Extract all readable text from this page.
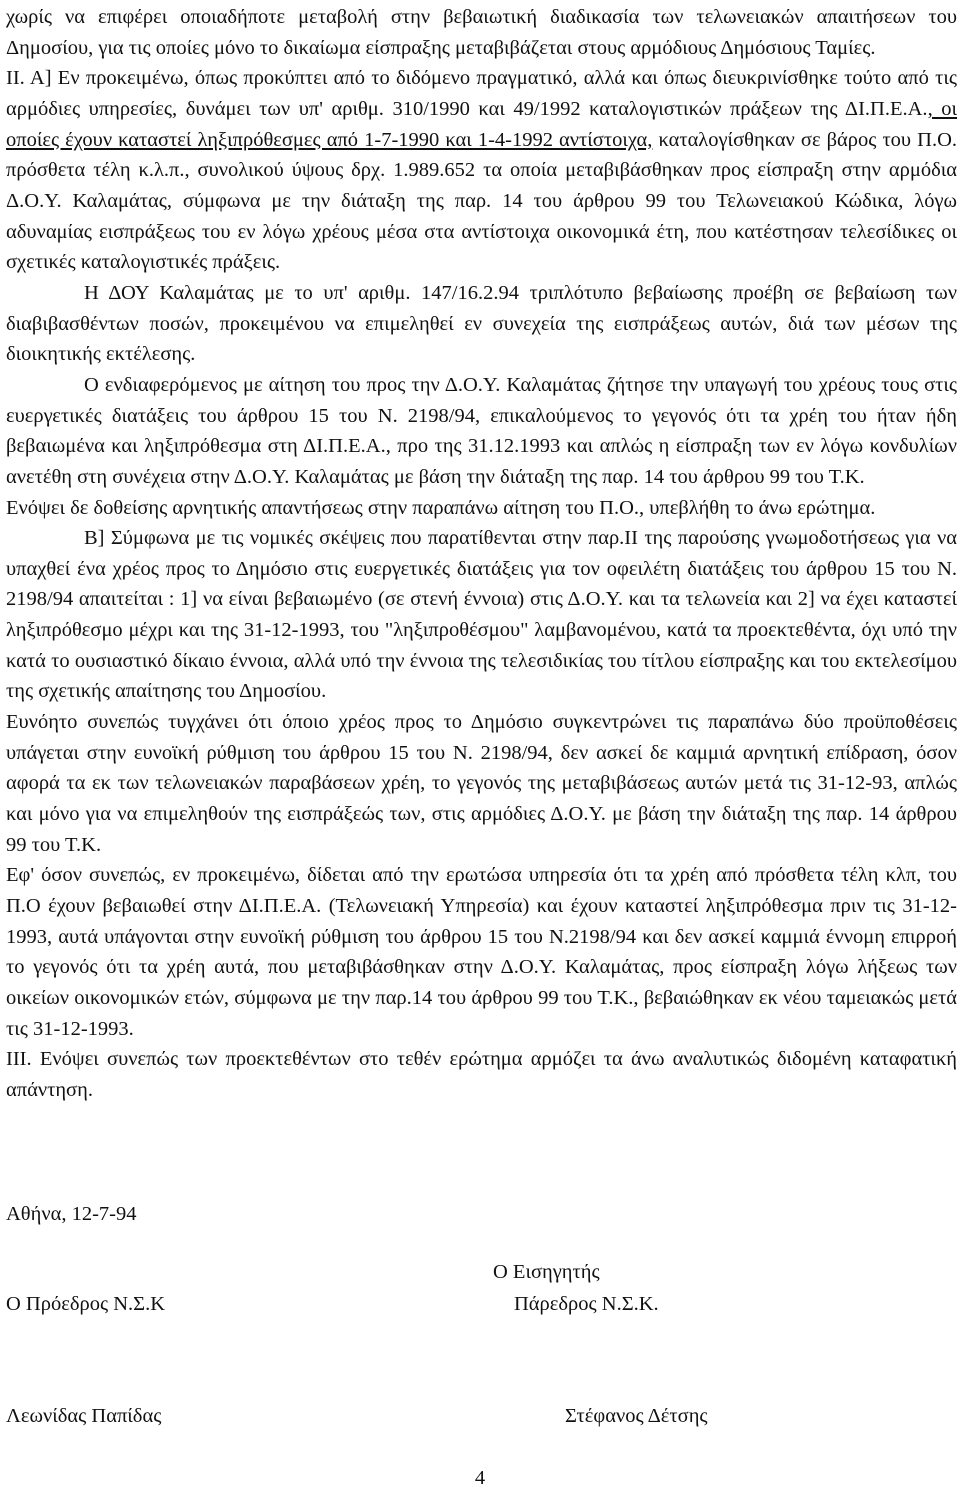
χωρίς να επιφέρει οποιαδήποτε μεταβολή στην βεβαιωτική διαδικασία των τελωνειακών απαιτήσεων του Δημοσίου, για τις οποίες μόνο το δικαίωμα είσπραξης μεταβιβάζεται στους αρμόδιους Δημόσιους Ταμίες.

ΙΙ. Α] Εν προκειμένω, όπως προκύπτει από το διδόμενο πραγματικό, αλλά και όπως διευκρινίσθηκε τούτο από τις αρμόδιες υπηρεσίες, δυνάμει των υπ' αριθμ. 310/1990 και 49/1992 καταλογιστικών πράξεων της ΔΙ.Π.Ε.Α., οι οποίες έχουν καταστεί ληξιπρόθεσμες από 1-7-1990 και 1-4-1992 αντίστοιχα, καταλογίσθηκαν σε βάρος του Π.Ο. πρόσθετα τέλη κ.λ.π., συνολικού ύψους δρχ. 1.989.652 τα οποία μεταβιβάσθηκαν προς είσπραξη στην αρμόδια Δ.Ο.Υ. Καλαμάτας, σύμφωνα με την διάταξη της παρ. 14 του άρθρου 99 του Τελωνειακού Κώδικα, λόγω αδυναμίας εισπράξεως του εν λόγω χρέους μέσα στα αντίστοιχα οικονομικά έτη, που κατέστησαν τελεσίδικες οι σχετικές καταλογιστικές πράξεις.

Η ΔΟΥ Καλαμάτας με το υπ' αριθμ. 147/16.2.94 τριπλότυπο βεβαίωσης προέβη σε βεβαίωση των διαβιβασθέντων ποσών, προκειμένου να επιμεληθεί εν συνεχεία της εισπράξεως αυτών, διά των μέσων της διοικητικής εκτέλεσης.

Ο ενδιαφερόμενος με αίτηση του προς την Δ.Ο.Υ. Καλαμάτας ζήτησε την υπαγωγή του χρέους τους στις ευεργετικές διατάξεις του άρθρου 15 του Ν. 2198/94, επικαλούμενος το γεγονός ότι τα χρέη του ήταν ήδη βεβαιωμένα και ληξιπρόθεσμα στη ΔΙ.Π.Ε.Α., προ της 31.12.1993 και απλώς η είσπραξη των εν λόγω κονδυλίων ανετέθη στη συνέχεια στην Δ.Ο.Υ. Καλαμάτας με βάση την διάταξη της παρ. 14 του άρθρου 99 του Τ.Κ.

Ενόψει δε δοθείσης αρνητικής απαντήσεως στην παραπάνω αίτηση του Π.Ο., υπεβλήθη το άνω ερώτημα.

Β] Σύμφωνα με τις νομικές σκέψεις που παρατίθενται στην παρ.ΙΙ της παρούσης γνωμοδοτήσεως για να υπαχθεί ένα χρέος προς το Δημόσιο στις ευεργετικές διατάξεις για τον οφειλέτη διατάξεις του άρθρου 15 του Ν. 2198/94 απαιτείται : 1] να είναι βεβαιωμένο (σε στενή έννοια) στις Δ.Ο.Υ. και τα τελωνεία και 2] να έχει καταστεί ληξιπρόθεσμο μέχρι και της 31-12-1993, του "ληξιπροθέσμου" λαμβανομένου, κατά τα προεκτεθέντα, όχι υπό την κατά το ουσιαστικό δίκαιο έννοια, αλλά υπό την έννοια της τελεσιδικίας του τίτλου είσπραξης και του εκτελεσίμου της σχετικής απαίτησης του Δημοσίου.

Ευνόητο συνεπώς τυγχάνει ότι όποιο χρέος προς το Δημόσιο συγκεντρώνει τις παραπάνω δύο προϋποθέσεις υπάγεται στην ευνοϊκή ρύθμιση του άρθρου 15 του Ν. 2198/94, δεν ασκεί δε καμμιά αρνητική επίδραση, όσον αφορά τα εκ των τελωνειακών παραβάσεων χρέη, το γεγονός της μεταβιβάσεως αυτών μετά τις 31-12-93, απλώς και μόνο για να επιμεληθούν της εισπράξεώς των, στις αρμόδιες Δ.Ο.Υ. με βάση την διάταξη της παρ. 14 άρθρου 99 του Τ.Κ.

Εφ' όσον συνεπώς, εν προκειμένω, δίδεται από την ερωτώσα υπηρεσία ότι τα χρέη από πρόσθετα τέλη κλπ, του Π.Ο έχουν βεβαιωθεί στην ΔΙ.Π.Ε.Α. (Τελωνειακή Υπηρεσία) και έχουν καταστεί ληξιπρόθεσμα πριν τις 31-12-1993, αυτά υπάγονται στην ευνοϊκή ρύθμιση του άρθρου 15 του Ν.2198/94 και δεν ασκεί καμμιά έννομη επιρροή το γεγονός ότι τα χρέη αυτά, που μεταβιβάσθηκαν στην Δ.Ο.Υ. Καλαμάτας, προς είσπραξη λόγω λήξεως των οικείων οικονομικών ετών, σύμφωνα με την παρ.14 του άρθρου 99 του Τ.Κ., βεβαιώθηκαν εκ νέου ταμειακώς μετά τις 31-12-1993.

ΙΙΙ. Ενόψει συνεπώς των προεκτεθέντων στο τεθέν ερώτημα αρμόζει τα άνω αναλυτικώς διδομένη καταφατική απάντηση.

Αθήνα, 12-7-94
Ο Εισηγητής
Ο Πρόεδρος Ν.Σ.Κ	Πάρεδρος Ν.Σ.Κ.
Λεωνίδας Παπίδας	Στέφανος Δέτσης
4
